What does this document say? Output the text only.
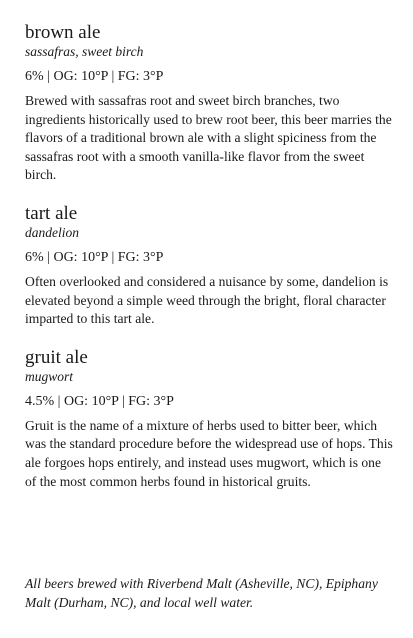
brown ale

sassafras, sweet birch

6% | OG: 10°P | FG: 3°P

Brewed with sassafras root and sweet birch branches, two ingredients historically used to brew root beer, this beer marries the flavors of a traditional brown ale with a slight spiciness from the sassafras root with a smooth vanilla-like flavor from the sweet birch.

tart ale

dandelion

6% | OG: 10°P | FG: 3°P

Often overlooked and considered a nuisance by some, dandelion is elevated beyond a simple weed through the bright, floral character imparted to this tart ale.

gruit ale

mugwort

4.5% | OG: 10°P | FG: 3°P

Gruit is the name of a mixture of herbs used to bitter beer, which was the standard procedure before the widespread use of hops. This ale forgoes hops entirely, and instead uses mugwort, which is one of the most common herbs found in historical gruits.

All beers brewed with Riverbend Malt (Asheville, NC), Epiphany Malt (Durham, NC), and local well water.
